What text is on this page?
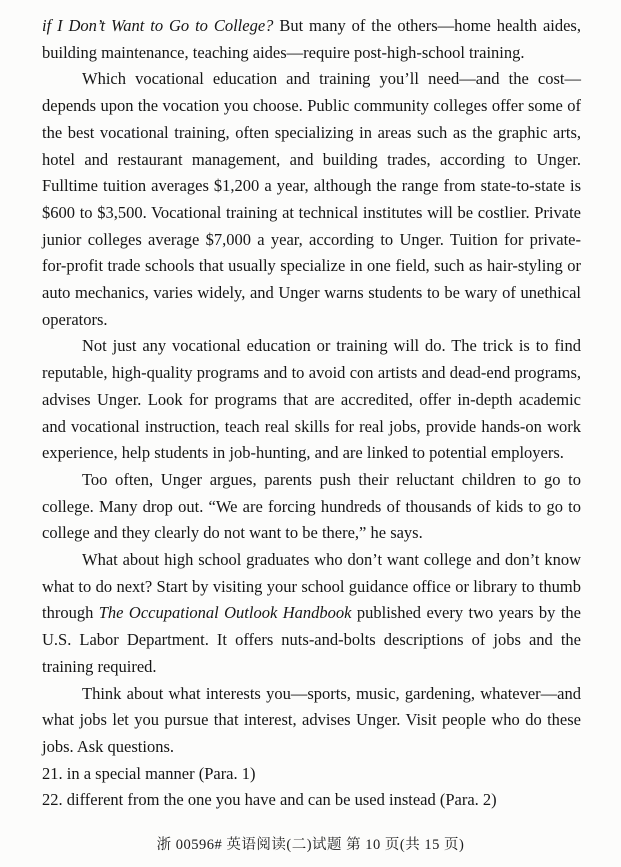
if I Don’t Want to Go to College? But many of the others—home health aides, building maintenance, teaching aides—require post-high-school training.

Which vocational education and training you’ll need—and the cost—depends upon the vocation you choose. Public community colleges offer some of the best vocational training, often specializing in areas such as the graphic arts, hotel and restaurant management, and building trades, according to Unger. Fulltime tuition averages $1,200 a year, although the range from state-to-state is $600 to $3,500. Vocational training at technical institutes will be costlier. Private junior colleges average $7,000 a year, according to Unger. Tuition for private-for-profit trade schools that usually specialize in one field, such as hair-styling or auto mechanics, varies widely, and Unger warns students to be wary of unethical operators.

Not just any vocational education or training will do. The trick is to find reputable, high-quality programs and to avoid con artists and dead-end programs, advises Unger. Look for programs that are accredited, offer in-depth academic and vocational instruction, teach real skills for real jobs, provide hands-on work experience, help students in job-hunting, and are linked to potential employers.

Too often, Unger argues, parents push their reluctant children to go to college. Many drop out. “We are forcing hundreds of thousands of kids to go to college and they clearly do not want to be there,” he says.

What about high school graduates who don’t want college and don’t know what to do next? Start by visiting your school guidance office or library to thumb through The Occupational Outlook Handbook published every two years by the U.S. Labor Department. It offers nuts-and-bolts descriptions of jobs and the training required.

Think about what interests you—sports, music, gardening, whatever—and what jobs let you pursue that interest, advises Unger. Visit people who do these jobs. Ask questions.

21. in a special manner (Para. 1)

22. different from the one you have and can be used instead (Para. 2)

浙 00596# 英语阅读(二)试题 第 10 页(共 15 页)
